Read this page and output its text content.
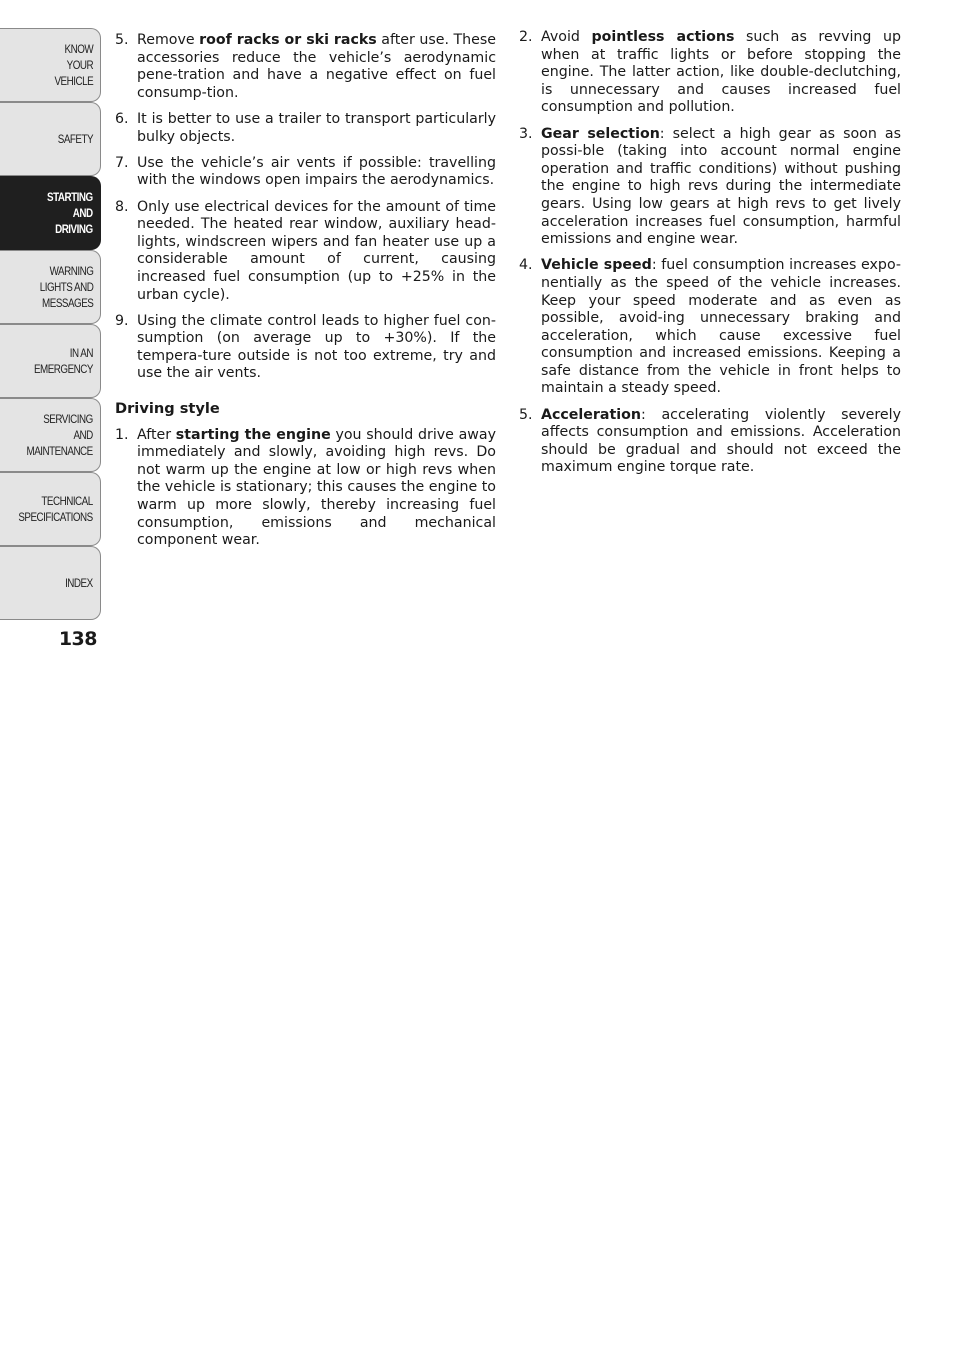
KNOW
YOUR
VEHICLE
SAFETY
STARTING
AND
DRIVING
WARNING
LIGHTS AND
MESSAGES
IN AN
EMERGENCY
SERVICING
AND
MAINTENANCE
TECHNICAL
SPECIFICATIONS
INDEX
138
5. Remove roof racks or ski racks after use. These accessories reduce the vehicle’s aerodynamic pene-tration and have a negative effect on fuel consump-tion.
6. It is better to use a trailer to transport particularly bulky objects.
7. Use the vehicle’s air vents if possible: travelling with the windows open impairs the aerodynamics.
8. Only use electrical devices for the amount of time needed. The heated rear window, auxiliary head-lights, windscreen wipers and fan heater use up a considerable amount of current, causing increased fuel consumption (up to +25% in the urban cycle).
9. Using the climate control leads to higher fuel con-sumption (on average up to +30%). If the tempera-ture outside is not too extreme, try and use the air vents.
Driving style
1. After starting the engine you should drive away immediately and slowly, avoiding high revs. Do not warm up the engine at low or high revs when the vehicle is stationary; this causes the engine to warm up more slowly, thereby increasing fuel consumption, emissions and mechanical component wear.
2. Avoid pointless actions such as revving up when at traffic lights or before stopping the engine. The latter action, like double-declutching, is unnecessary and causes increased fuel consumption and pollution.
3. Gear selection: select a high gear as soon as possi-ble (taking into account normal engine operation and traffic conditions) without pushing the engine to high revs during the intermediate gears. Using low gears at high revs to get lively acceleration increases fuel consumption, harmful emissions and engine wear.
4. Vehicle speed: fuel consumption increases expo-nentially as the speed of the vehicle increases. Keep your speed moderate and as even as possible, avoid-ing unnecessary braking and acceleration, which cause excessive fuel consumption and increased emissions. Keeping a safe distance from the vehicle in front helps to maintain a steady speed.
5. Acceleration: accelerating violently severely affects consumption and emissions. Acceleration should be gradual and should not exceed the maximum engine torque rate.
